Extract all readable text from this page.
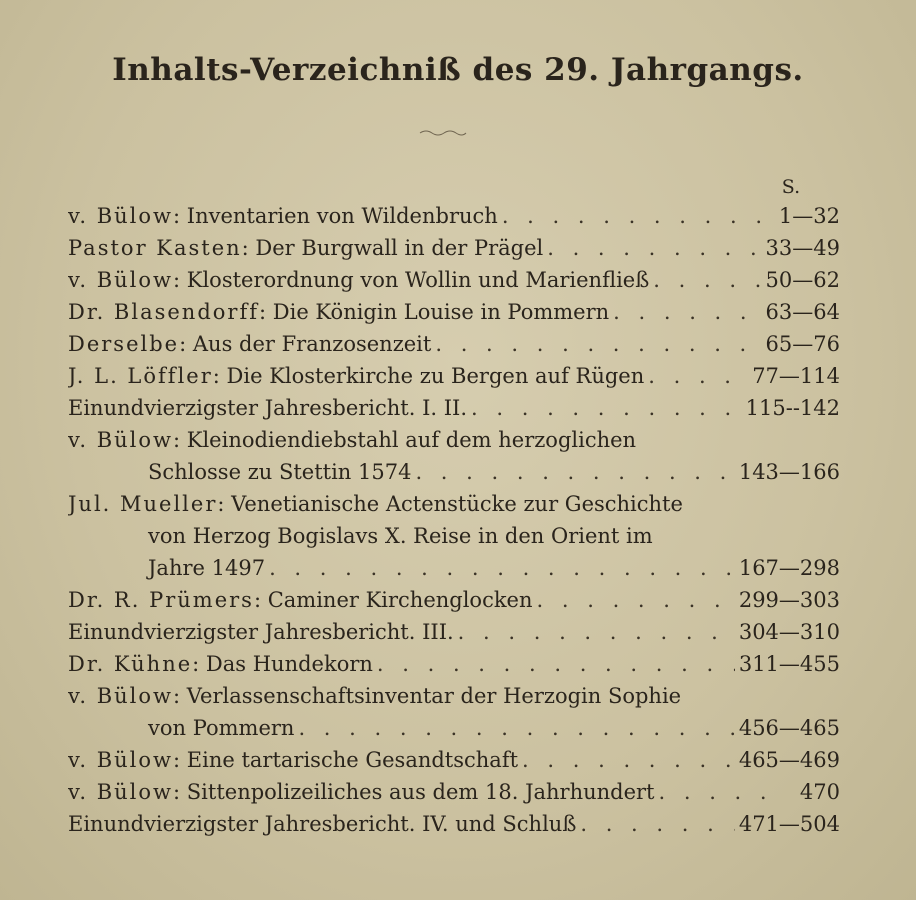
Inhalts-Verzeichniß des 29. Jahrgangs.
S.
v. Bülow: Inventarien von Wildenbruch . . .	1—32
Pastor Kasten: Der Burgwall in der Prägel . . .	33—49
v. Bülow: Klosterordnung von Wollin und Marienfließ . . .	50—62
Dr. Blasendorff: Die Königin Louise in Pommern . . .	63—64
Derselbe: Aus der Franzosenzeit . . .	65—76
J. L. Löffler: Die Klosterkirche zu Bergen auf Rügen . . .	77—114
Einundvierzigster Jahresbericht. I. II. . . .	115--142
v. Bülow: Kleinodiendiebstahl auf dem herzoglichen
Schlosse zu Stettin 1574 . . .	143—166
Jul. Mueller: Venetianische Actenstücke zur Geschichte
von Herzog Bogislavs X. Reise in den Orient im
Jahre 1497 . . .	167—298
Dr. R. Prümers: Caminer Kirchenglocken . . .	299—303
Einundvierzigster Jahresbericht. III. . . .	304—310
Dr. Kühne: Das Hundekorn . . .	311—455
v. Bülow: Verlassenschaftsinventar der Herzogin Sophie
von Pommern . . .	456—465
v. Bülow: Eine tartarische Gesandtschaft . . .	465—469
v. Bülow: Sittenpolizeiliches aus dem 18. Jahrhundert . . .	470
Einundvierzigster Jahresbericht. IV. und Schluß . . .	471—504
